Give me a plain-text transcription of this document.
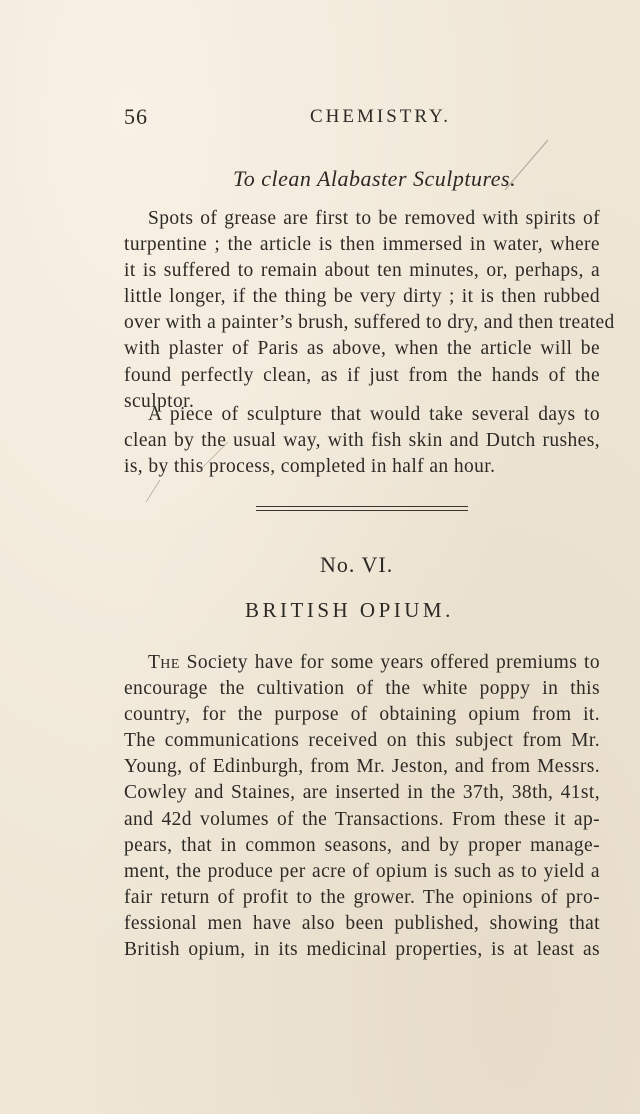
56	CHEMISTRY.
To clean Alabaster Sculptures.

Spots of grease are first to be removed with spirits of
turpentine ; the article is then immersed in water, where
it is suffered to remain about ten minutes, or, perhaps, a
little longer, if the thing be very dirty ; it is then rubbed
over with a painter’s brush, suffered to dry, and then treated
with plaster of Paris as above, when the article will be
found perfectly clean, as if just from the hands of the
sculptor.

A piece of sculpture that would take several days to
clean by the usual way, with fish skin and Dutch rushes,
is, by this process, completed in half an hour.

No. VI.
BRITISH OPIUM.

The Society have for some years offered premiums to
encourage the cultivation of the white poppy in this
country, for the purpose of obtaining opium from it.
The communications received on this subject from Mr.
Young, of Edinburgh, from Mr. Jeston, and from Messrs.
Cowley and Staines, are inserted in the 37th, 38th, 41st,
and 42d volumes of the Transactions. From these it ap-
pears, that in common seasons, and by proper manage-
ment, the produce per acre of opium is such as to yield a
fair return of profit to the grower. The opinions of pro-
fessional men have also been published, showing that
British opium, in its medicinal properties, is at least as
